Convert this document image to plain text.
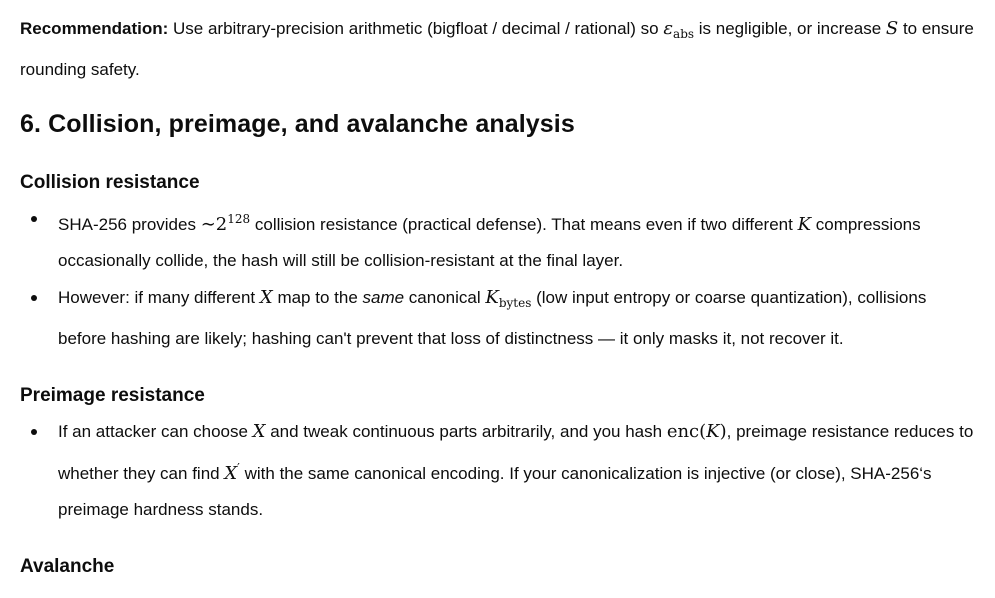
Recommendation: Use arbitrary-precision arithmetic (bigfloat / decimal / rational) so $\varepsilon_{abs}$ is negligible, or increase S to ensure rounding safety.

6. Collision, preimage, and avalanche analysis
Collision resistance
SHA-256 provides $\sim 2^{128}$ collision resistance (practical defense). That means even if two different K compressions occasionally collide, the hash will still be collision-resistant at the final layer.
However: if many different X map to the same canonical $K_{bytes}$ (low input entropy or coarse quantization), collisions before hashing are likely; hashing can't prevent that loss of distinctness — it only masks it, not recover it.
Preimage resistance
If an attacker can choose X and tweak continuous parts arbitrarily, and you hash enc(K), preimage resistance reduces to whether they can find X′ with the same canonical encoding. If your canonicalization is injective (or close), SHA-256‘s preimage hardness stands.
Avalanche
